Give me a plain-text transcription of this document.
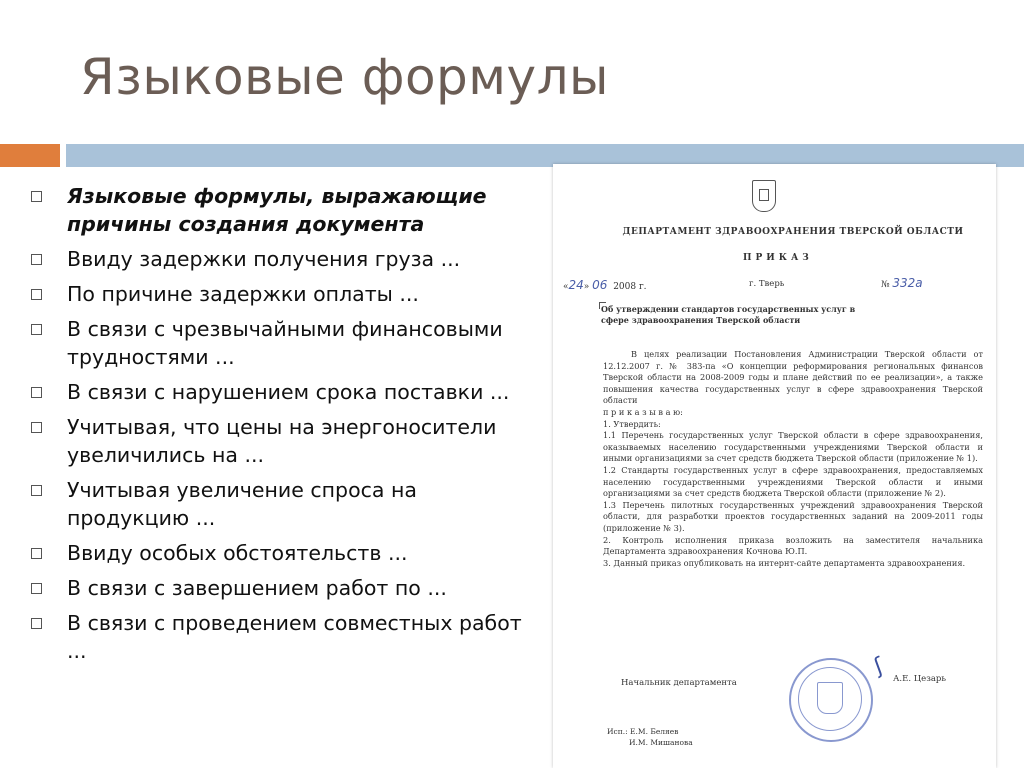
Языковые формулы
Языковые формулы, выражающие причины создания документа
Ввиду задержки получения груза ...
По причине задержки оплаты ...
В связи с чрезвычайными финансовыми трудностями ...
В связи с нарушением срока поставки ...
Учитывая, что цены на энергоносители увеличились на ...
Учитывая увеличение спроса на продукцию ...
Ввиду особых обстоятельств ...
В связи с завершением работ по ...
В связи с проведением совместных работ ...
ДЕПАРТАМЕНТ ЗДРАВООХРАНЕНИЯ ТВЕРСКОЙ ОБЛАСТИ
ПРИКАЗ
«24» 06 2008 г.	г. Тверь	№ 332а
Об утверждении стандартов государственных услуг в сфере здравоохранения Тверской области

В целях реализации Постановления Администрации Тверской области от 12.12.2007 г. № 383-па «О концепции реформирования региональных финансов Тверской области на 2008-2009 годы и плане действий по ее реализации», а также повышения качества государственных услуг в сфере здравоохранения Тверской области

п р и к а з ы в а ю:

1. Утвердить:

1.1 Перечень государственных услуг Тверской области в сфере здравоохранения, оказываемых населению государственными учреждениями Тверской области и иными организациями за счет средств бюджета Тверской области (приложение № 1).

1.2 Стандарты государственных услуг в сфере здравоохранения, предоставляемых населению государственными учреждениями Тверской области и иными организациями за счет средств бюджета Тверской области (приложение № 2).

1.3 Перечень пилотных государственных учреждений здравоохранения Тверской области, для разработки проектов государственных заданий на 2009-2011 годы (приложение № 3).

2. Контроль исполнения приказа возложить на заместителя начальника Департамента здравоохранения Кочнова Ю.П.

3. Данный приказ опубликовать на интернт-сайте департамента здравоохранения.

ʃ
Начальник департамента	А.Е. Цезарь
Исп.: Е.М. Беляев
И.М. Мишанова
